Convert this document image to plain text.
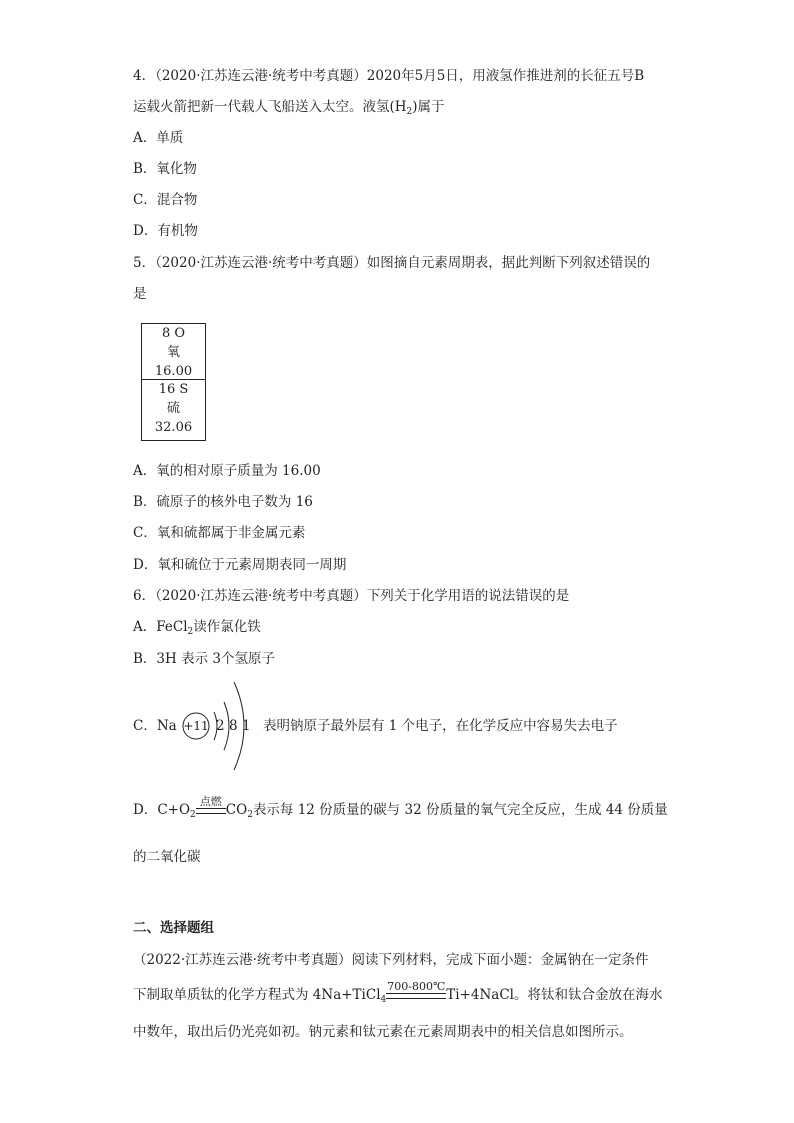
4．（2020·江苏连云港·统考中考真题）2020年5月5日，用液氢作推进剂的长征五号B
运载火箭把新一代载人飞船送入太空。液氢$(H_2)$属于
A．单质
B．氧化物
C．混合物
D．有机物
5．（2020·江苏连云港·统考中考真题）如图摘自元素周期表，据此判断下列叙述错误的
是
8 O
氧
16.00
16 S
硫
32.06
A．氧的相对原子质量为 16.00
B．硫原子的核外电子数为 16
C．氧和硫都属于非金属元素
D．氧和硫位于元素周期表同一周期
6．（2020·江苏连云港·统考中考真题）下列关于化学用语的说法错误的是
A．FeCl$_2$读作氯化铁
B．3H 表示 3个氢原子
C．Na +11 2 8 1 表明钠原子最外层有 1 个电子，在化学反应中容易失去电子
D．$C+O_2$
点燃
$CO_2$表示每 12 份质量的碳与 32 份质量的氧气完全反应，生成 44 份质量
的二氧化碳
二、选择题组
（2022·江苏连云港·统考中考真题）阅读下列材料，完成下面小题：金属钠在一定条件
下制取单质钛的化学方程式为 4Na+TiCl$_4$
700-800℃
Ti+4NaCl。将钛和钛合金放在海水
中数年，取出后仍光亮如初。钠元素和钛元素在元素周期表中的相关信息如图所示。
